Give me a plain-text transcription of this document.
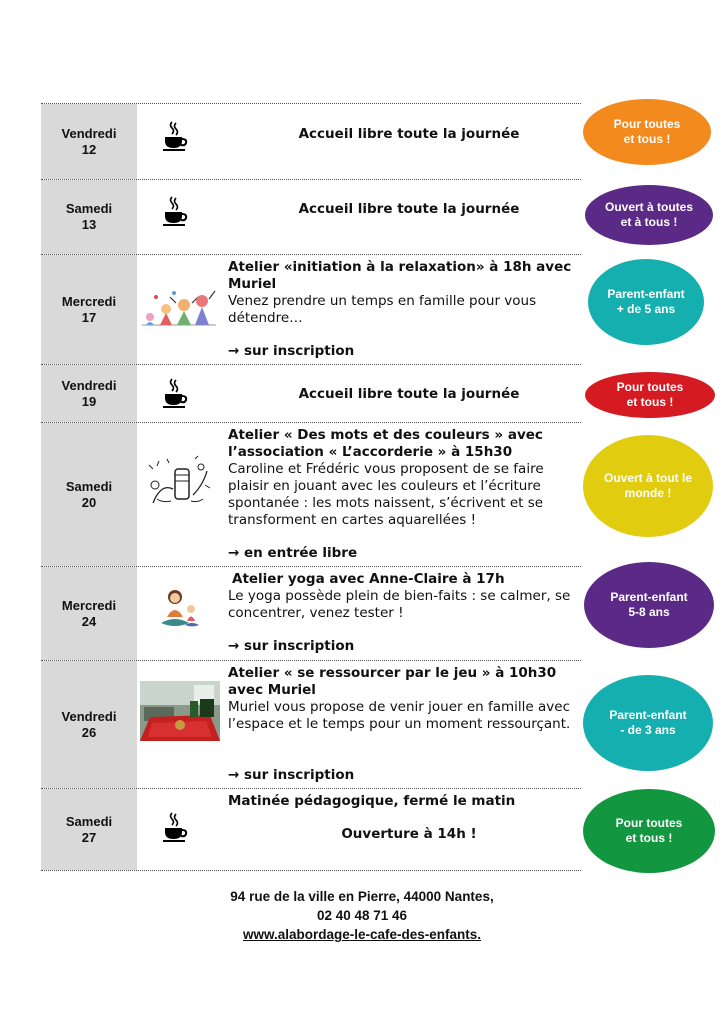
Vendredi
12
Accueil libre toute la journée
Samedi
13
Accueil libre toute la journée
Mercredi
17
Atelier «initiation à la relaxation» à 18h avec Muriel
Venez prendre un temps en famille pour vous détendre…
→ sur inscription
Vendredi
19	Accueil libre toute la journée
Samedi
20
Atelier « Des mots et des couleurs » avec l’association « L’accorderie » à 15h30
Caroline et Frédéric vous proposent de se faire plaisir en jouant avec les couleurs et l’écriture spontanée : les mots naissent, s’écrivent et se transforment en cartes aquarellées !
→ en entrée libre
Mercredi
24
Atelier yoga avec Anne-Claire à 17h
Le yoga possède plein de bien-faits : se calmer, se concentrer, venez tester !
→ sur inscription
Vendredi
26
Atelier « se ressourcer par le jeu » à 10h30 avec Muriel
Muriel vous propose de venir jouer en famille avec l’espace et le temps pour un moment ressourçant.
→ sur inscription
Samedi
27
Matinée pédagogique, fermé le matin
Ouverture à 14h !
Pour toutes
et tous !
Ouvert à toutes
et à tous !
Parent-enfant
+ de 5 ans
Pour toutes
et tous !
Ouvert à tout le
monde !
Parent-enfant
5-8 ans
Parent-enfant
- de 3 ans
Pour toutes
et tous !
94 rue de la ville en Pierre, 44000 Nantes,
02 40 48 71 46
www.alabordage-le-cafe-des-enfants.
